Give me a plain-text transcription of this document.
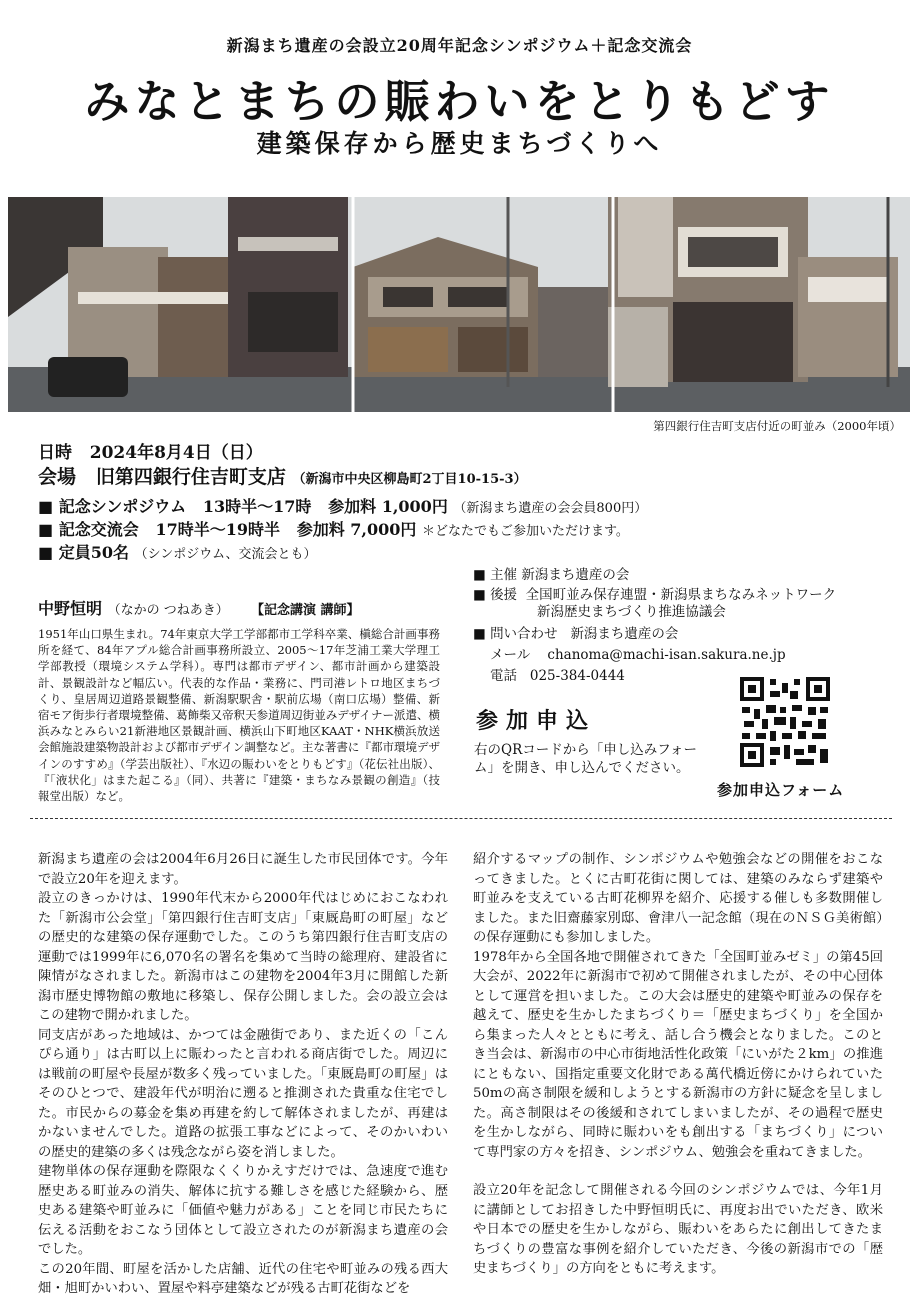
新潟まち遺産の会設立20周年記念シンポジウム＋記念交流会
みなとまちの賑わいをとりもどす
建築保存から歴史まちづくりへ
第四銀行住吉町支店付近の町並み（2000年頃）
日時 2024年8月4日（日）
会場 旧第四銀行住吉町支店 （新潟市中央区柳島町2丁目10-15-3）
■ 記念シンポジウム 13時半～17時 参加料 1,000円 （新潟まち遺産の会会員800円）
■ 記念交流会 17時半～19時半 参加料 7,000円 ＊どなたでもご参加いただけます。
■ 定員50名 （シンポジウム、交流会とも）
中野恒明 （なかの つねあき） 【記念講演 講師】
1951年山口県生まれ。74年東京大学工学部都市工学科卒業、槇総合計画事務所を経て、84年アプル総合計画事務所設立、2005～17年芝浦工業大学理工学部教授（環境システム学科）。専門は都市デザイン、都市計画から建築設計、景観設計など幅広い。代表的な作品・業務に、門司港レトロ地区まちづくり、皇居周辺道路景観整備、新潟駅駅舎・駅前広場（南口広場）整備、新宿モア街歩行者環境整備、葛飾柴又帝釈天参道周辺街並みデザイナー派遣、横浜みなとみらい21新港地区景観計画、横浜山下町地区KAAT・NHK横浜放送会館施設建築物設計および都市デザイン調整など。主な著書に『都市環境デザインのすすめ』（学芸出版社）、『水辺の賑わいをとりもどす』（花伝社出版）、『「液状化」はまた起こる』（同）、共著に『建築・まちなみ景観の創造』（技報堂出版）など。
■ 主催 新潟まち遺産の会
■ 後援 全国町並み保存連盟・新潟県まちなみネットワーク
新潟歴史まちづくり推進協議会
■ 問い合わせ 新潟まち遺産の会
メール chanoma@machi-isan.sakura.ne.jp
電話 025-384-0444
参加申込
右のQRコードから「申し込みフォーム」を開き、申し込んでください。
参加申込フォーム

新潟まち遺産の会は2004年6月26日に誕生した市民団体です。今年で設立20年を迎えます。

設立のきっかけは、1990年代末から2000年代はじめにおこなわれた「新潟市公会堂」「第四銀行住吉町支店」「東厩島町の町屋」などの歴史的な建築の保存運動でした。このうち第四銀行住吉町支店の運動では1999年に6,070名の署名を集めて当時の総理府、建設省に陳情がなされました。新潟市はこの建物を2004年3月に開館した新潟市歴史博物館の敷地に移築し、保存公開しました。会の設立会はこの建物で開かれました。

同支店があった地域は、かつては金融街であり、また近くの「こんぴら通り」は古町以上に賑わったと言われる商店街でした。周辺には戦前の町屋や長屋が数多く残っていました。「東厩島町の町屋」はそのひとつで、建設年代が明治に遡ると推測された貴重な住宅でした。市民からの募金を集め再建を約して解体されましたが、再建はかないませんでした。道路の拡張工事などによって、そのかいわいの歴史的建築の多くは残念ながら姿を消しました。

建物単体の保存運動を際限なくくりかえすだけでは、急速度で進む歴史ある町並みの消失、解体に抗する難しさを感じた経験から、歴史ある建築や町並みに「価値や魅力がある」ことを同じ市民たちに伝える活動をおこなう団体として設立されたのが新潟まち遺産の会でした。

この20年間、町屋を活かした店舗、近代の住宅や町並みの残る西大畑・旭町かいわい、置屋や料亭建築などが残る古町花街などを

紹介するマップの制作、シンポジウムや勉強会などの開催をおこなってきました。とくに古町花街に関しては、建築のみならず建築や町並みを支えている古町花柳界を紹介、応援する催しも多数開催しました。また旧齋藤家別邸、會津八一記念館（現在のＮＳＧ美術館）の保存運動にも参加しました。

1978年から全国各地で開催されてきた「全国町並みゼミ」の第45回大会が、2022年に新潟市で初めて開催されましたが、その中心団体として運営を担いました。この大会は歴史的建築や町並みの保存を越えて、歴史を生かしたまちづくり＝「歴史まちづくり」を全国から集まった人々とともに考え、話し合う機会となりました。このとき当会は、新潟市の中心市街地活性化政策「にいがた２km」の推進にともない、国指定重要文化財である萬代橋近傍にかけられていた50mの高さ制限を緩和しようとする新潟市の方針に疑念を呈しました。高さ制限はその後緩和されてしまいましたが、その過程で歴史を生かしながら、同時に賑わいをも創出する「まちづくり」について専門家の方々を招き、シンポジウム、勉強会を重ねてきました。

設立20年を記念して開催される今回のシンポジウムでは、今年1月に講師としてお招きした中野恒明氏に、再度お出でいただき、欧米や日本での歴史を生かしながら、賑わいをあらたに創出してきたまちづくりの豊富な事例を紹介していただき、今後の新潟市での「歴史まちづくり」の方向をともに考えます。
